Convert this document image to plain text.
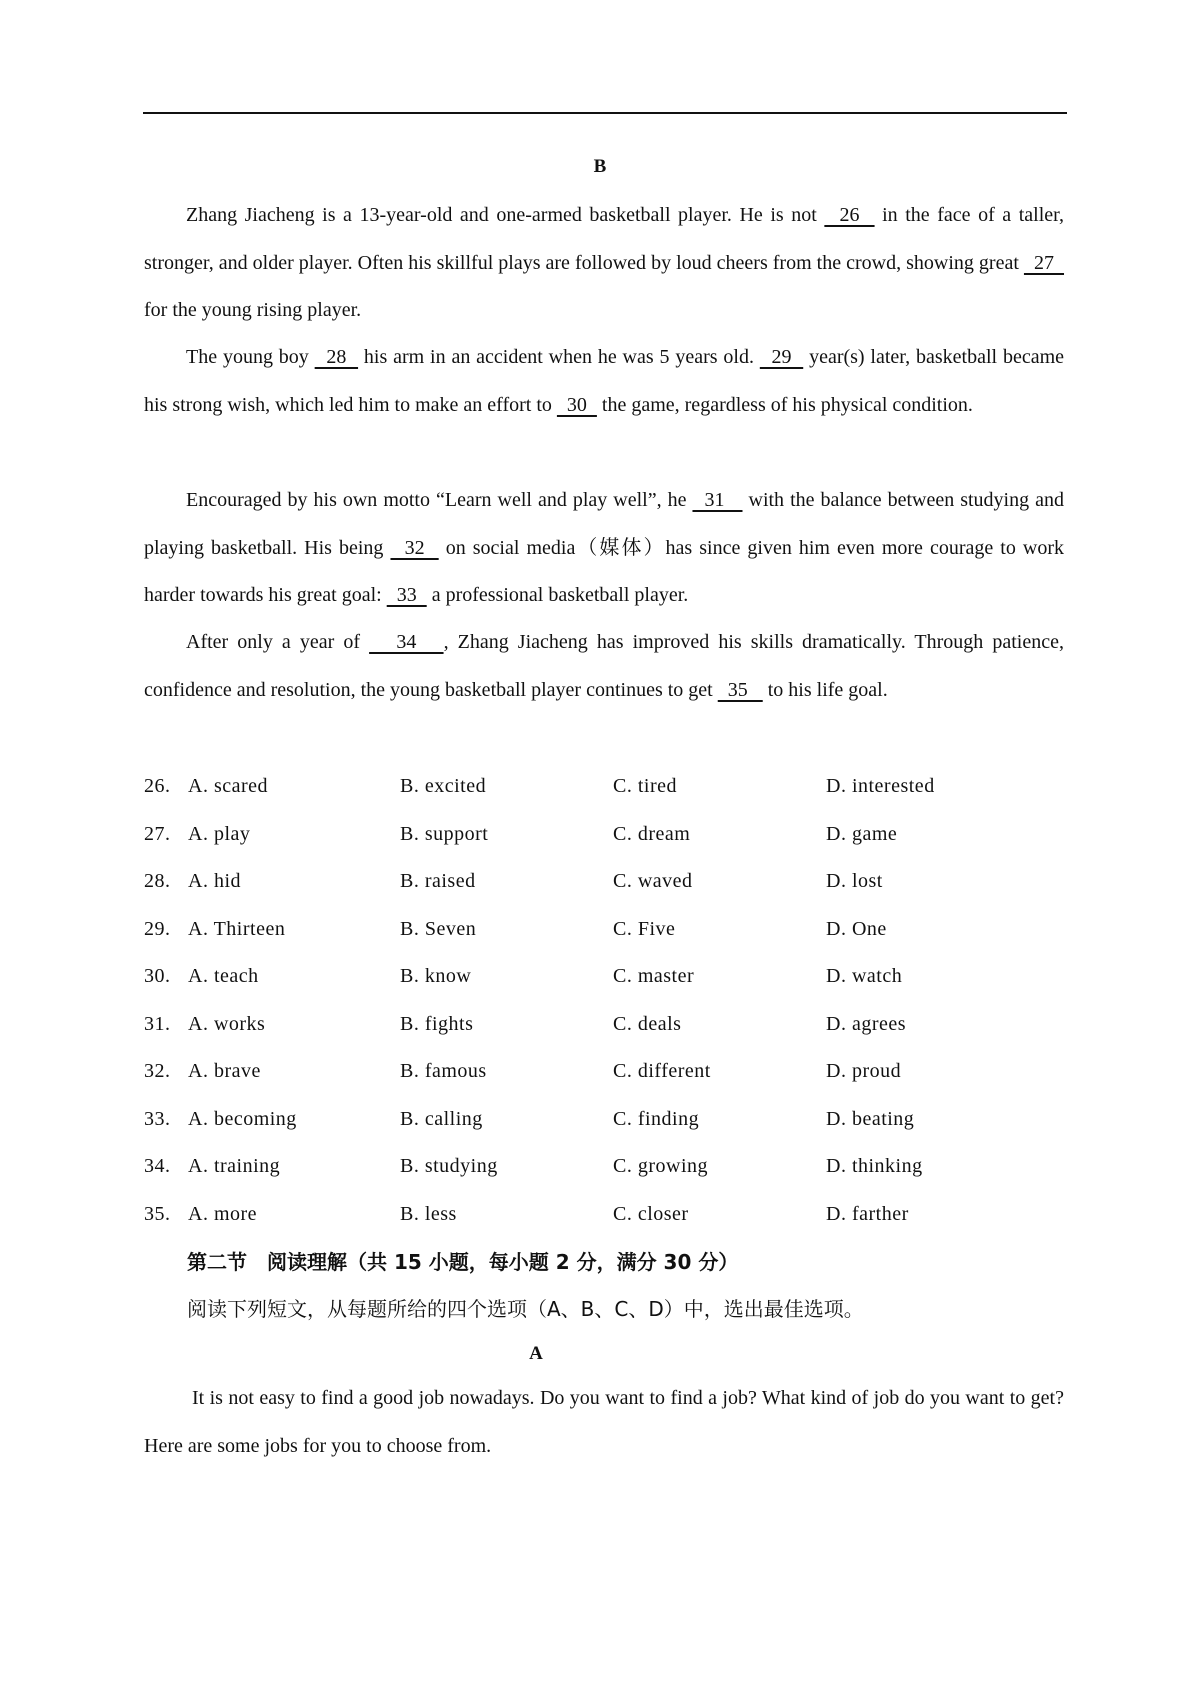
B
Zhang Jiacheng is a 13-year-old and one-armed basketball player. He is not   26   in the face of a taller, stronger, and older player. Often his skillful plays are followed by loud cheers from the crowd, showing great   27   for the young rising player.
The young boy   28   his arm in an accident when he was 5 years old.   29   year(s) later, basketball became his strong wish, which led him to make an effort to   30   the game, regardless of his physical condition.
Encouraged by his own motto “Learn well and play well”, he   31    with the balance between studying and playing basketball. His being   32   on social media（媒体）has since given him even more courage to work harder towards his great goal:   33   a professional basketball player.
After only a year of    34   , Zhang Jiacheng has improved his skills dramatically. Through patience, confidence and resolution, the young basketball player continues to get   35    to his life goal.
26. A. scared	B. excited	C. tired	D. interested
27. A. play	B. support	C. dream	D. game
28. A. hid	B. raised	C. waved	D. lost
29. A. Thirteen	B. Seven	C. Five	D. One
30. A. teach	B. know	C. master	D. watch
31. A. works	B. fights	C. deals	D. agrees
32. A. brave	B. famous	C. different	D. proud
33. A. becoming	B. calling	C. finding	D. beating
34. A. training	B. studying	C. growing	D. thinking
35. A. more	B. less	C. closer	D. farther
第二节　阅读理解（共 15 小题，每小题 2 分，满分 30 分）
阅读下列短文，从每题所给的四个选项（A、B、C、D）中，选出最佳选项。
A
It is not easy to find a good job nowadays. Do you want to find a job? What kind of job do you want to get? Here are some jobs for you to choose from.
